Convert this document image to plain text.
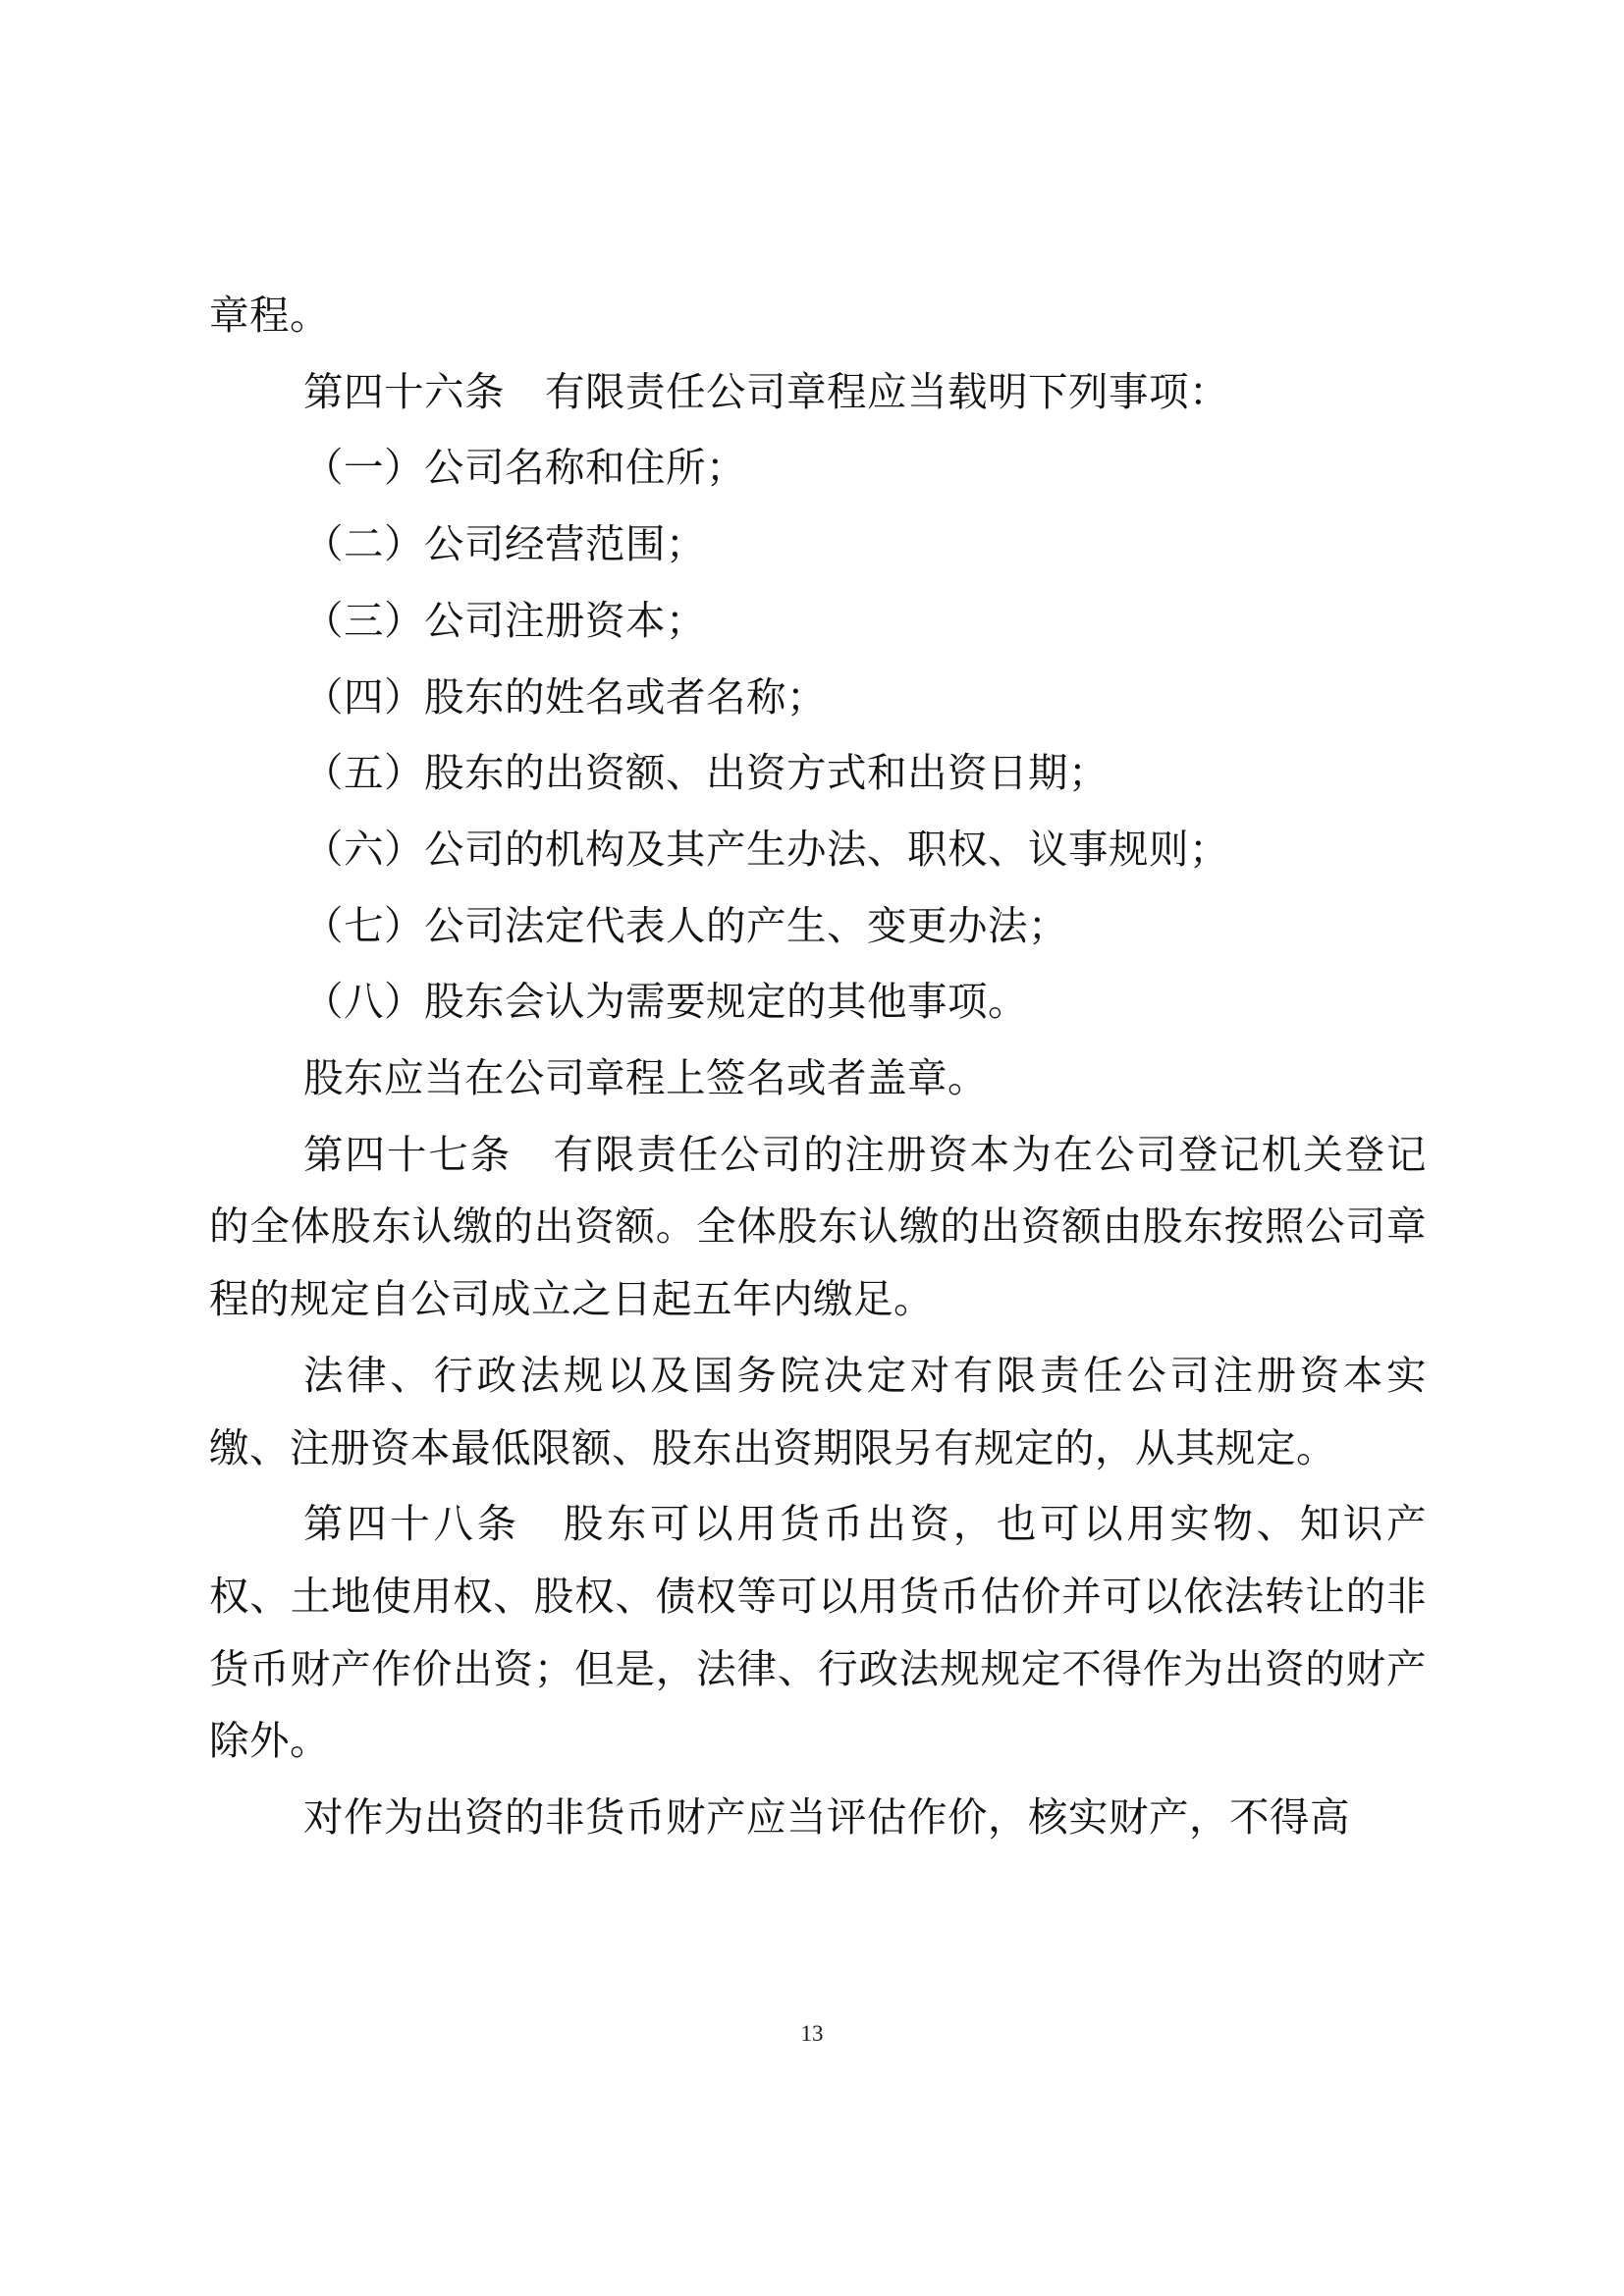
章程。

第四十六条　有限责任公司章程应当载明下列事项：

（一）公司名称和住所；

（二）公司经营范围；

（三）公司注册资本；

（四）股东的姓名或者名称；

（五）股东的出资额、出资方式和出资日期；

（六）公司的机构及其产生办法、职权、议事规则；

（七）公司法定代表人的产生、变更办法；

（八）股东会认为需要规定的其他事项。

股东应当在公司章程上签名或者盖章。

第四十七条　有限责任公司的注册资本为在公司登记机关登记的全体股东认缴的出资额。全体股东认缴的出资额由股东按照公司章程的规定自公司成立之日起五年内缴足。

法律、行政法规以及国务院决定对有限责任公司注册资本实缴、注册资本最低限额、股东出资期限另有规定的，从其规定。

第四十八条　股东可以用货币出资，也可以用实物、知识产权、土地使用权、股权、债权等可以用货币估价并可以依法转让的非货币财产作价出资；但是，法律、行政法规规定不得作为出资的财产除外。

对作为出资的非货币财产应当评估作价，核实财产，不得高

13
